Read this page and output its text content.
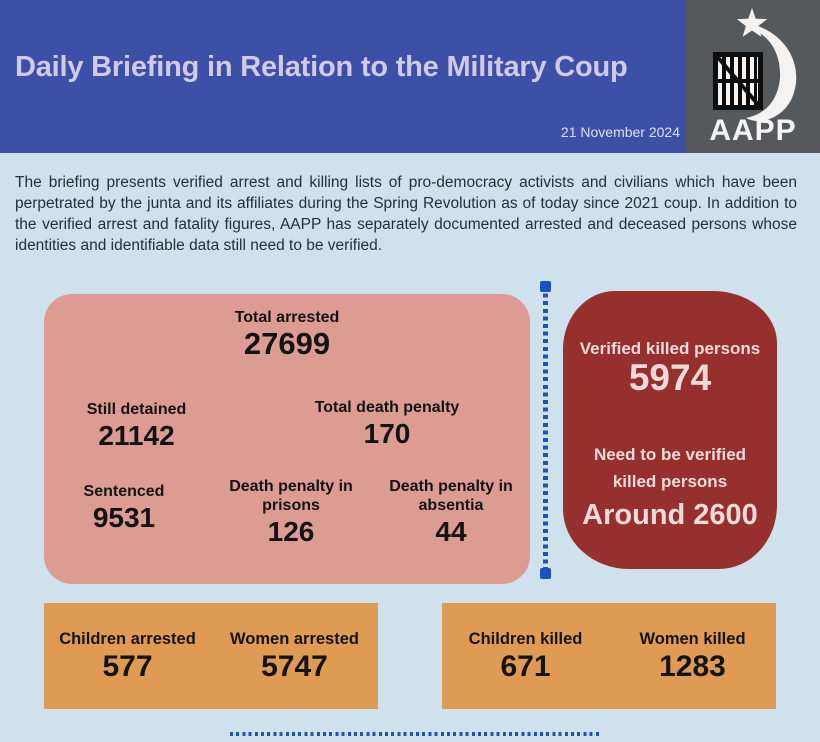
Daily Briefing in Relation to the Military Coup
21 November 2024 AAPP
The briefing presents verified arrest and killing lists of pro-democracy activists and civilians which have been perpetrated by the junta and its affiliates during the Spring Revolution as of today since 2021 coup. In addition to the verified arrest and fatality figures, AAPP has separately documented arrested and deceased persons whose identities and identifiable data still need to be verified.
Total arrested
27699
Still detained
21142
Total death penalty
170
Sentenced
9531
Death penalty in prisons
126
Death penalty in absentia
44
Verified killed persons
5974
Need to be verified killed persons
Around 2600
Children arrested
577
Women arrested
5747
Children killed
671
Women killed
1283
